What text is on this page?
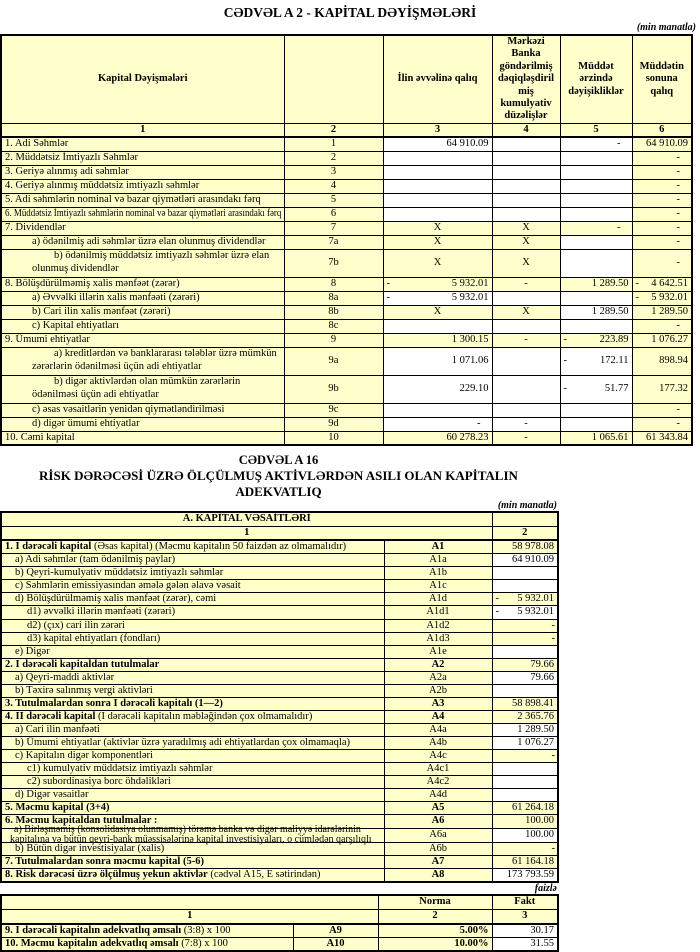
CƏDVƏL A 2 - KAPİTAL DƏYİŞMƏLƏRİ
(min manatla)
Kapital Dəyişmələri		İlin əvvəlinə qalıq	Mərkəzi Banka göndərilmiş dəqiqləşdirilmiş kumulyativ düzəlişlər	Müddət ərzində dəyişikliklər	Müddətin sonuna qalıq
1	2	3	4	5	6
1. Adi Səhmlər	1	64 910.09		-	64 910.09
2. Müddətsiz İmtiyazlı Səhmlər	2				-
3. Geriyə alınmış adi səhmlər	3				-
4. Geriyə alınmış müddətsiz imtiyazlı səhmlər	4				-
5. Adi səhmlərin nominal və bazar qiymətləri arasındakı fərq	5				-
6. Müddətsiz İmtiyazlı səhmlərin nominal və bazar qiymətləri arasındakı fərq	6				-
7. Dividendlər	7	X	X	-	-
a) ödənilmiş adi səhmlər üzrə elan olunmuş dividendlər	7a	X	X		-
b) ödənilmiş müddətsiz imtiyazlı səhmlər üzrə elan olunmuş dividendlər	7b	X	X		-
8. Bölüşdürülməmiş xalis mənfəət (zərər)	8	- 5 932.01	-	1 289.50	- 4 642.51

a) Əvvəlki illərin xalis mənfəəti (zərəri)	8a	- 5 932.01			- 5 932.01

b) Cari ilin xalis mənfəət (zərəri)	8b	X	X	1 289.50	1 289.50
c) Kapital ehtiyatları	8c				-
9. Ümumi ehtiyatlar	9	1 300.15	-	- 223.89	1 076.27
a) kreditlərdən və banklararası tələblər üzrə mümkün zərərlərin ödənilməsi üçün adi ehtiyatlar	9a	1 071.06		- 172.11	898.94
b) digər aktivlərdən olan mümkün zərərlərin ödənilməsi üçün adi ehtiyatlar	9b	229.10		- 51.77	177.32
c) əsas vəsaitlərin yenidən qiymətləndirilməsi	9c				-
d) digər ümumi ehtiyatlar	9d	-	-		-
10. Cəmi kapital	10	60 278.23	-	1 065.61	61 343.84
CƏDVƏL A 16
RİSK DƏRƏCƏSİ ÜZRƏ ÖLÇÜLMUŞ AKTİVLƏRDƏN ASILI OLAN KAPİTALIN ADEKVATLIQ
(min manatla)
A. KAPİTAL VƏSAİTLƏRİ		
1		2
1. I dərəcəli kapital (Əsas kapital) (Məcmu kapitalın 50 faizdən az olmamalıdır)	A1	58 978.08
a) Adi səhmlər (tam ödənilmiş paylar)	A1a	64 910.09
b) Qeyri-kumulyativ müddətsiz imtiyazlı səhmlər	A1b	
c) Səhmlərin emissiyasından əmələ gələn əlavə vəsait	A1c	
d) Bölüşdürülməmiş xalis mənfəət (zərər), cəmi	A1d	- 5 932.01

d1) əvvəlki illərin mənfəəti (zərəri)	A1d1	- 5 932.01

d2) (çıx) cari ilin zərəri	A1d2	-
d3) kapital ehtiyatları (fondları)	A1d3	-
e) Digər	A1e	
2. I dərəcəli kapitaldan tutulmalar	A2	79.66
a) Qeyri-maddi aktivlər	A2a	79.66
b) Təxirə salınmış vergi aktivləri	A2b	
3. Tutulmalardan sonra I dərəcəli kapitalı (1—2)	A3	58 898.41
4. II dərəcəli kapital (I dərəcəli kapitalın məbləğindən çox olmamalıdır)	A4	2 365.76
a) Cari ilin mənfəəti	A4a	1 289.50
b) Ümumi ehtiyatlar (aktivlər üzrə yaradılmış adi ehtiyatlardan çox olmamaqla)	A4b	1 076.27
c) Kapitalın digər komponentləri	A4c	-
c1) kumulyativ müddətsiz imtiyazlı səhmlər	A4c1	
c2) subordinasiya borc öhdəlikləri	A4c2	
d) Digər vəsaitlər	A4d	
5. Məcmu kapital (3+4)	A5	61 264.18
6. Məcmu kapitaldan tutulmalar :	A6	100.00

a) Birləşməmiş (konsolidasiya olunmamış) törəmə banka və digər maliyyə idarələrinin kapitalına və bütün qeyri-bank müəssisələrinə kapital investisiyaları, o cümlədən qarşılıqlı	A6a	100.00
b) Bütün digər investisiyalar (xalis)	A6b	-
7. Tutulmalardan sonra məcmu kapital (5-6)	A7	61 164.18
8. Risk dərəcəsi üzrə ölçülmuş yekun aktivlər (cədvəl A15, E sətirindən)	A8	173 793.59
faizlə
		Norma	Fakt
1		2	3
9. I dərəcəli kapitalın adekvatlıq əmsalı (3:8) x 100	A9	5.00%	30.17
10. Məcmu kapitalın adekvatlıq əmsalı (7:8) x 100	A10	10.00%	31.55
